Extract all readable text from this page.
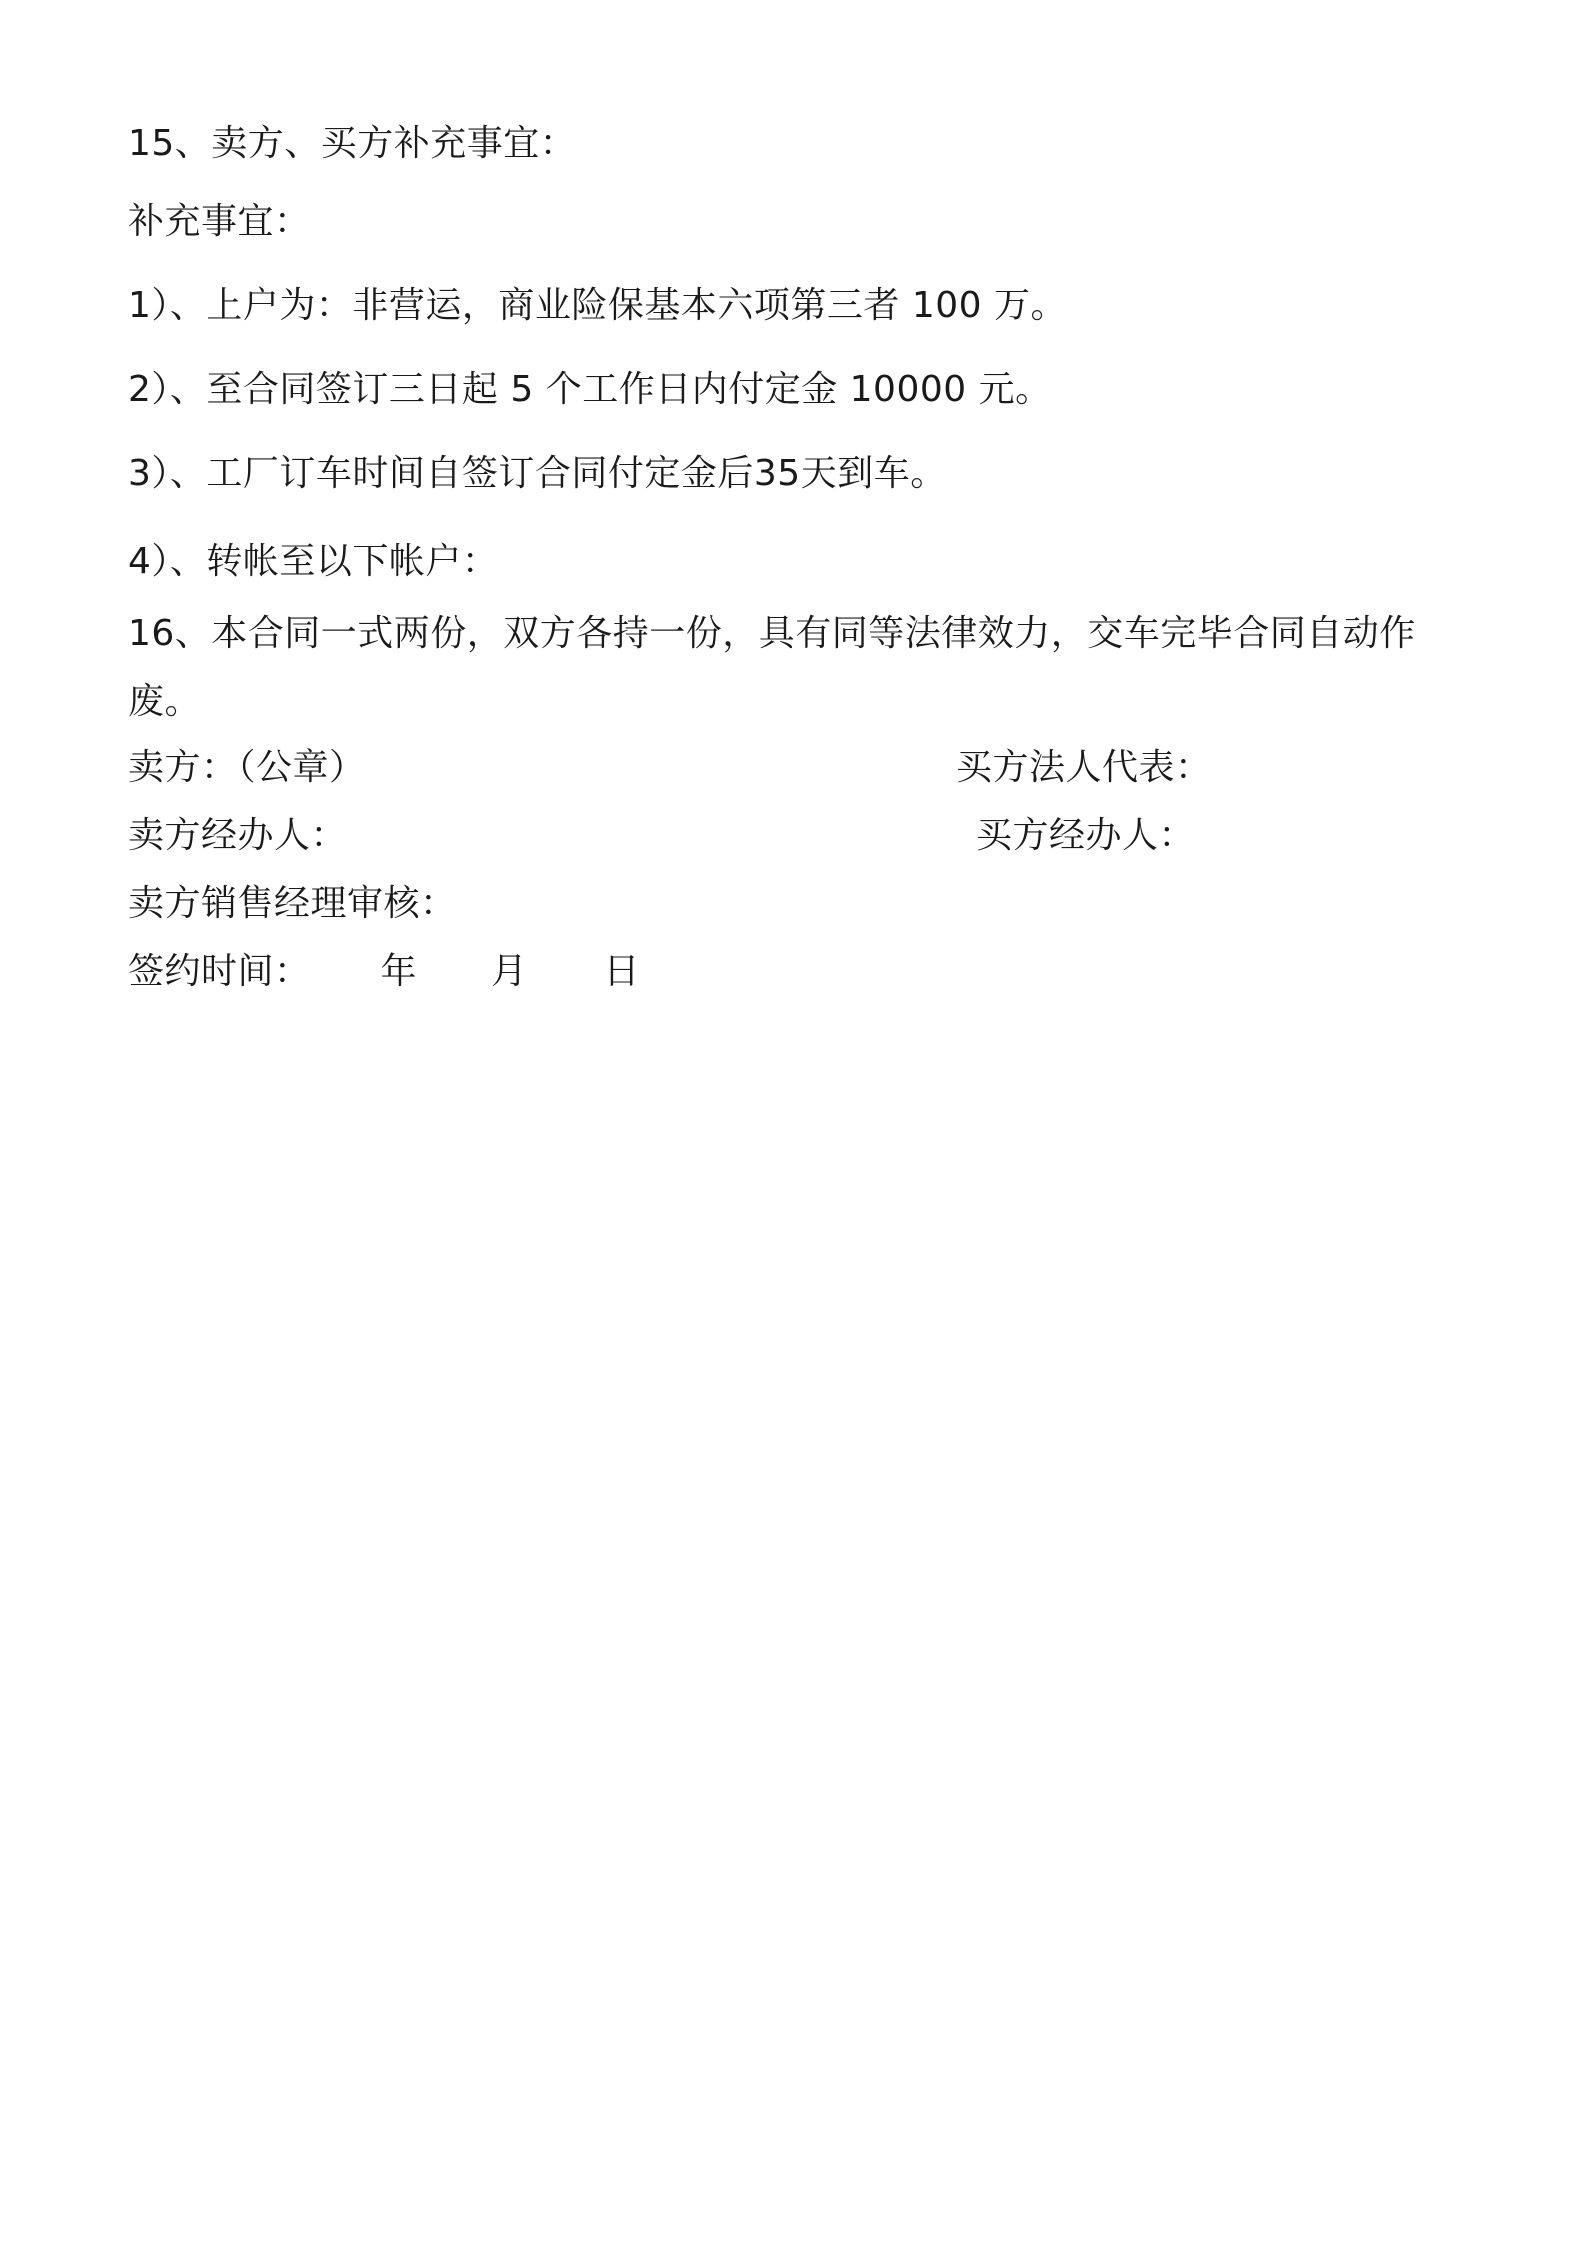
15、卖方、买方补充事宜：
补充事宜：
1）、上户为：非营运，商业险保基本六项第三者 100 万。
2）、至合同签订三日起 5 个工作日内付定金 10000 元。
3）、工厂订车时间自签订合同付定金后35天到车。
4）、转帐至以下帐户：
16、本合同一式两份，双方各持一份，具有同等法律效力，交车完毕合同自动作废。
卖方：（公章）	买方法人代表：
卖方经办人：	买方经办人：
卖方销售经理审核：
签约时间： 年 月 日
